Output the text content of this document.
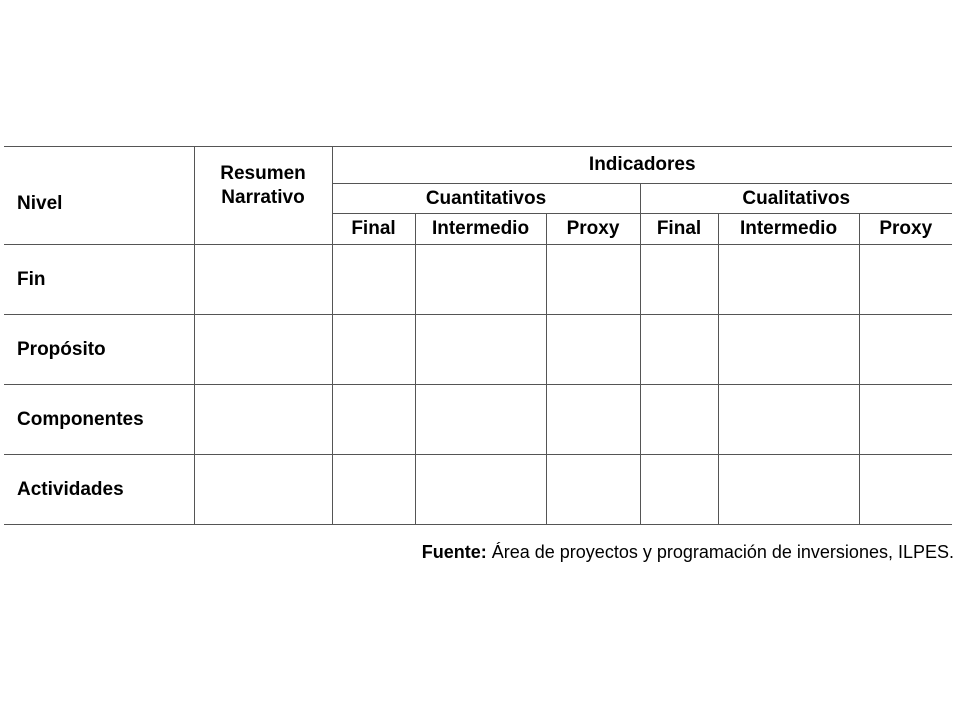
Nivel	Resumen Narrativo	Indicadores					
		Cuantitativos			Cualitativos		
		Final	Intermedio	Proxy	Final	Intermedio	Proxy
Fin							
Propósito							
Componentes							
Actividades							
Fuente: Área de proyectos y programación de inversiones, ILPES.
